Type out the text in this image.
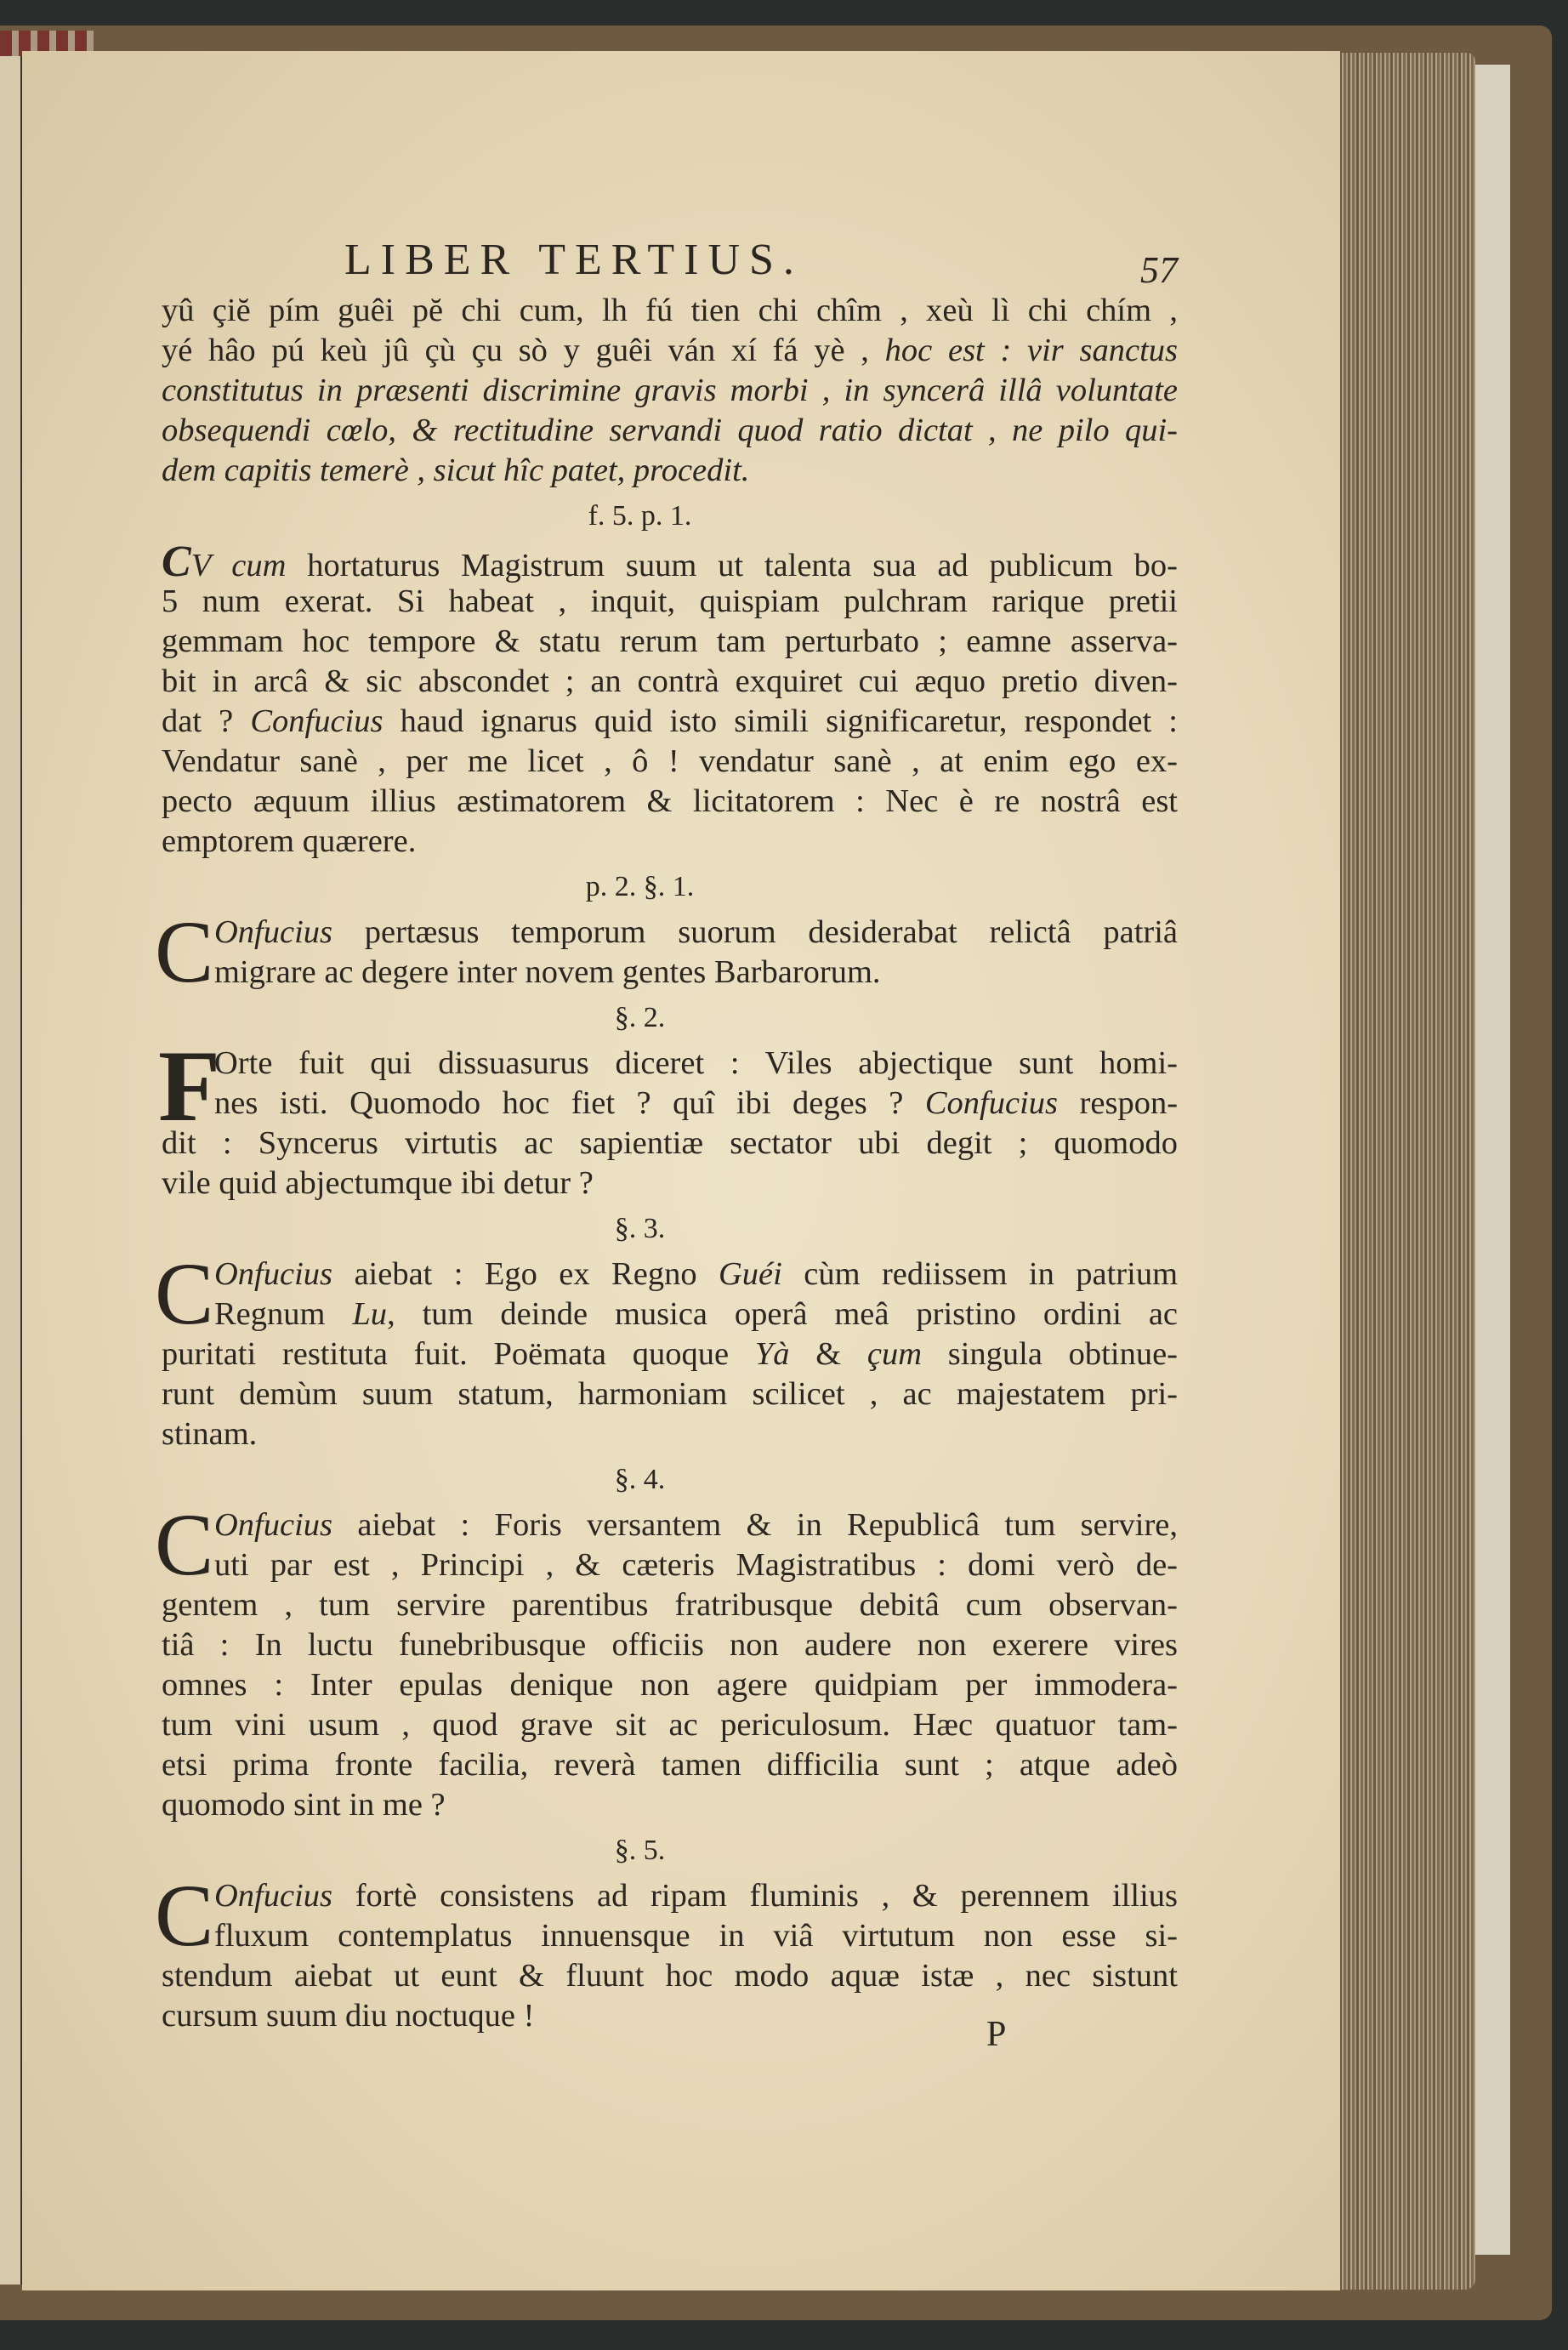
LIBER TERTIUS.	57
yû çiĕ pím guêi pĕ chi cum, lh fú tien chi chîm , xeù lì chi chím ,
yé hâo pú keù jû çù çu sò y guêi ván xí fá yè , hoc est : vir sanctus
constitutus in præsenti discrimine gravis morbi , in syncerâ illâ voluntate
obsequendi cœlo, & rectitudine servandi quod ratio dictat , ne pilo qui-
dem capitis temerè , sicut hîc patet, procedit.
f. 5. p. 1.
CV cum hortaturus Magistrum suum ut talenta sua ad publicum bo-
5 num exerat. Si habeat , inquit, quispiam pulchram rarique pretii
gemmam hoc tempore & statu rerum tam perturbato ; eamne asserva-
bit in arcâ & sic abscondet ; an contrà exquiret cui æquo pretio diven-
dat ? Confucius haud ignarus quid isto simili significaretur, respondet :
Vendatur sanè , per me licet , ô ! vendatur sanè , at enim ego ex-
pecto æquum illius æstimatorem & licitatorem : Nec è re nostrâ est
emptorem quærere.
p. 2. §. 1.
C Onfucius pertæsus temporum suorum desiderabat relictâ patriâ
migrare ac degere inter novem gentes Barbarorum.
§. 2.
F
Orte fuit qui dissuasurus diceret : Viles abjectique sunt homi-
nes isti. Quomodo hoc fiet ? quî ibi deges ? Confucius respon-
dit : Syncerus virtutis ac sapientiæ sectator ubi degit ; quomodo
vile quid abjectumque ibi detur ?
§. 3.
C Onfucius aiebat : Ego ex Regno Guéi cùm rediissem in patrium
Regnum Lu, tum deinde musica operâ meâ pristino ordini ac
puritati restituta fuit. Poëmata quoque Yà & çum singula obtinue-
runt demùm suum statum, harmoniam scilicet , ac majestatem pri-
stinam.
§. 4.
C Onfucius aiebat : Foris versantem & in Republicâ tum servire,
uti par est , Principi , & cæteris Magistratibus : domi verò de-
gentem , tum servire parentibus fratribusque debitâ cum observan-
tiâ : In luctu funebribusque officiis non audere non exerere vires
omnes : Inter epulas denique non agere quidpiam per immodera-
tum vini usum , quod grave sit ac periculosum. Hæc quatuor tam-
etsi prima fronte facilia, reverà tamen difficilia sunt ; atque adeò
quomodo sint in me ?
§. 5.
C Onfucius fortè consistens ad ripam fluminis , & perennem illius
fluxum contemplatus innuensque in viâ virtutum non esse si-
stendum aiebat ut eunt & fluunt hoc modo aquæ istæ , nec sistunt
cursum suum diu noctuque !	P
